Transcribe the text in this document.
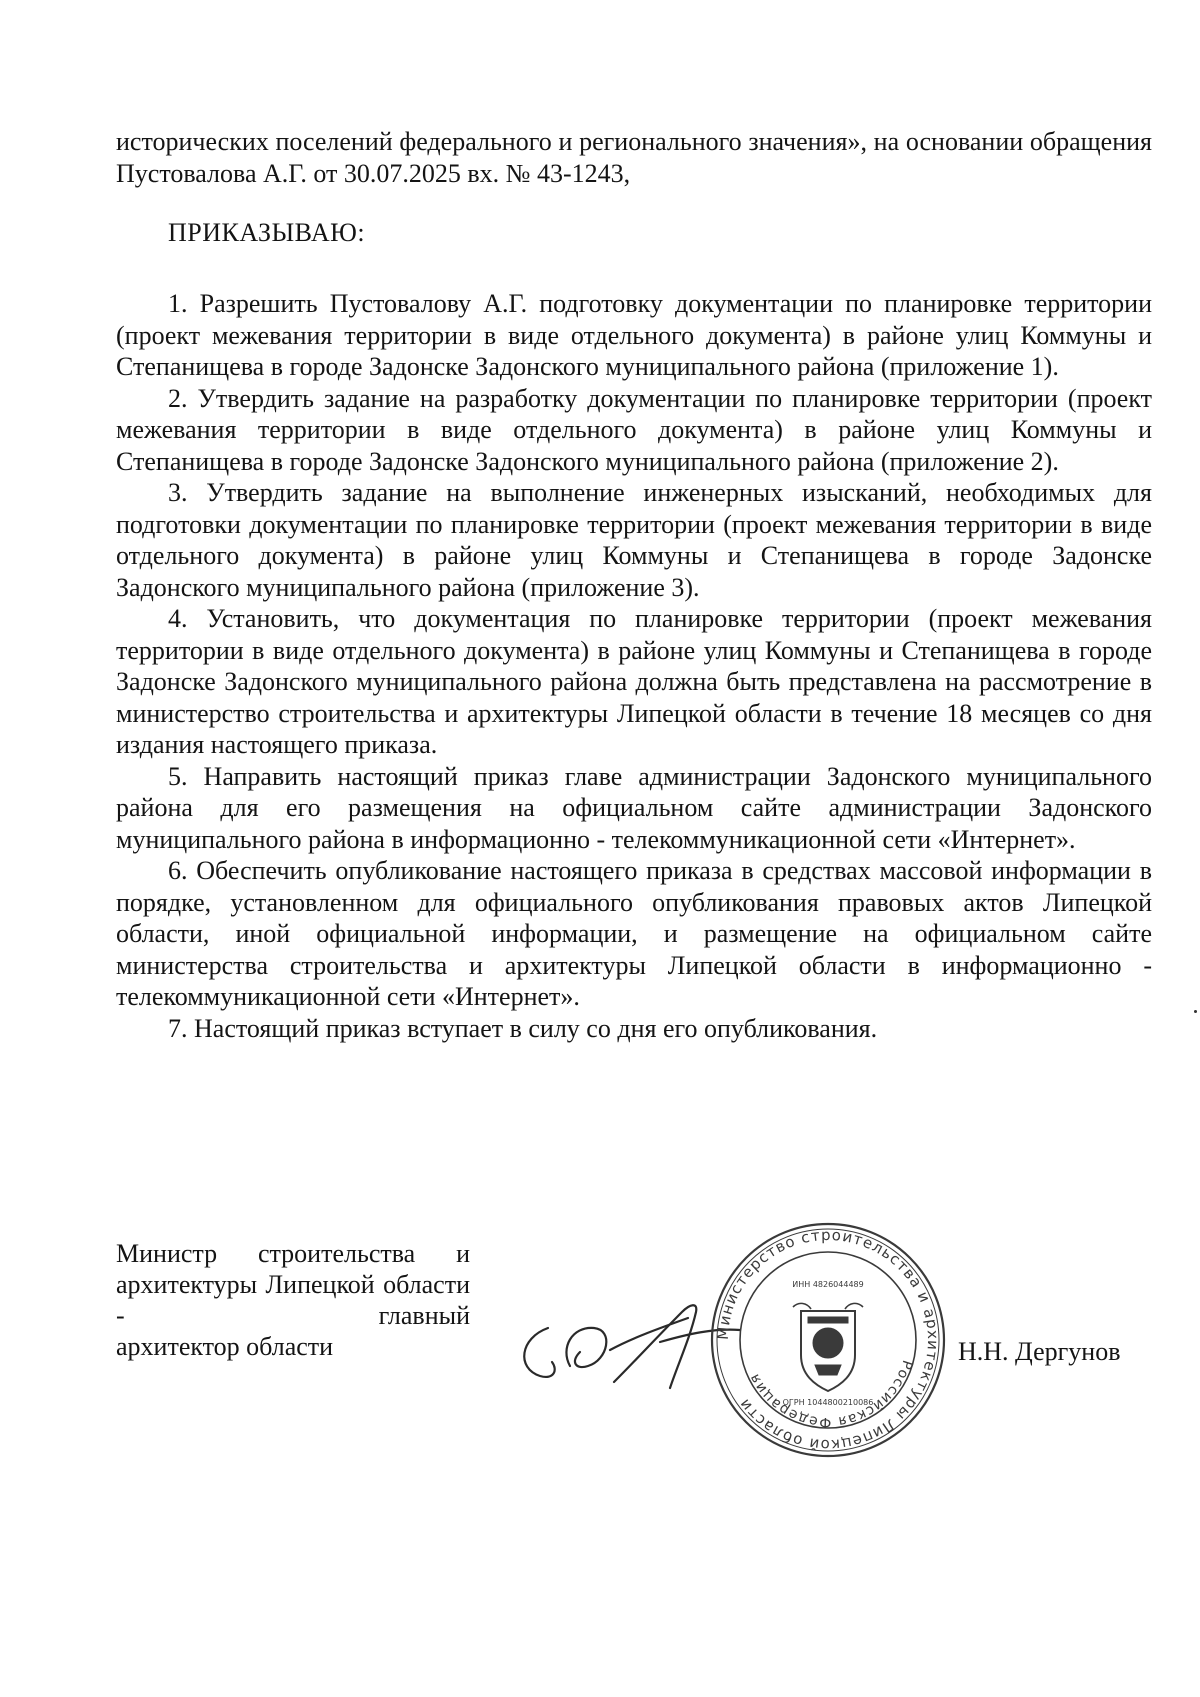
исторических поселений федерального и регионального значения», на основании обращения Пустовалова А.Г. от 30.07.2025 вх. № 43-1243,
ПРИКАЗЫВАЮ:

1. Разрешить Пустовалову А.Г. подготовку документации по планировке территории (проект межевания территории в виде отдельного документа) в районе улиц Коммуны и Степанищева в городе Задонске Задонского муниципального района (приложение 1).

2. Утвердить задание на разработку документации по планировке территории (проект межевания территории в виде отдельного документа) в районе улиц Коммуны и Степанищева в городе Задонске Задонского муниципального района (приложение 2).

3. Утвердить задание на выполнение инженерных изысканий, необходимых для подготовки документации по планировке территории (проект межевания территории в виде отдельного документа) в районе улиц Коммуны и Степанищева в городе Задонске Задонского муниципального района (приложение 3).

4. Установить, что документация по планировке территории (проект межевания территории в виде отдельного документа) в районе улиц Коммуны и Степанищева в городе Задонске Задонского муниципального района должна быть представлена на рассмотрение в министерство строительства и архитектуры Липецкой области в течение 18 месяцев со дня издания настоящего приказа.

5. Направить настоящий приказ главе администрации Задонского муниципального района для его размещения на официальном сайте администрации Задонского муниципального района в информационно - телекоммуникационной сети «Интернет».

6. Обеспечить опубликование настоящего приказа в средствах массовой информации в порядке, установленном для официального опубликования правовых актов Липецкой области, иной официальной информации, и размещение на официальном сайте министерства строительства и архитектуры Липецкой области в информационно - телекоммуникационной сети «Интернет».

7. Настоящий приказ вступает в силу со дня его опубликования.

Министр строительства и архитектуры Липецкой области - главный
архитектор области	Министерство строительства и архитектуры Липецкой области
Российская Федерация
ИНН 4826044489
ОГРН 1044800210086
Н.Н. Дергунов
